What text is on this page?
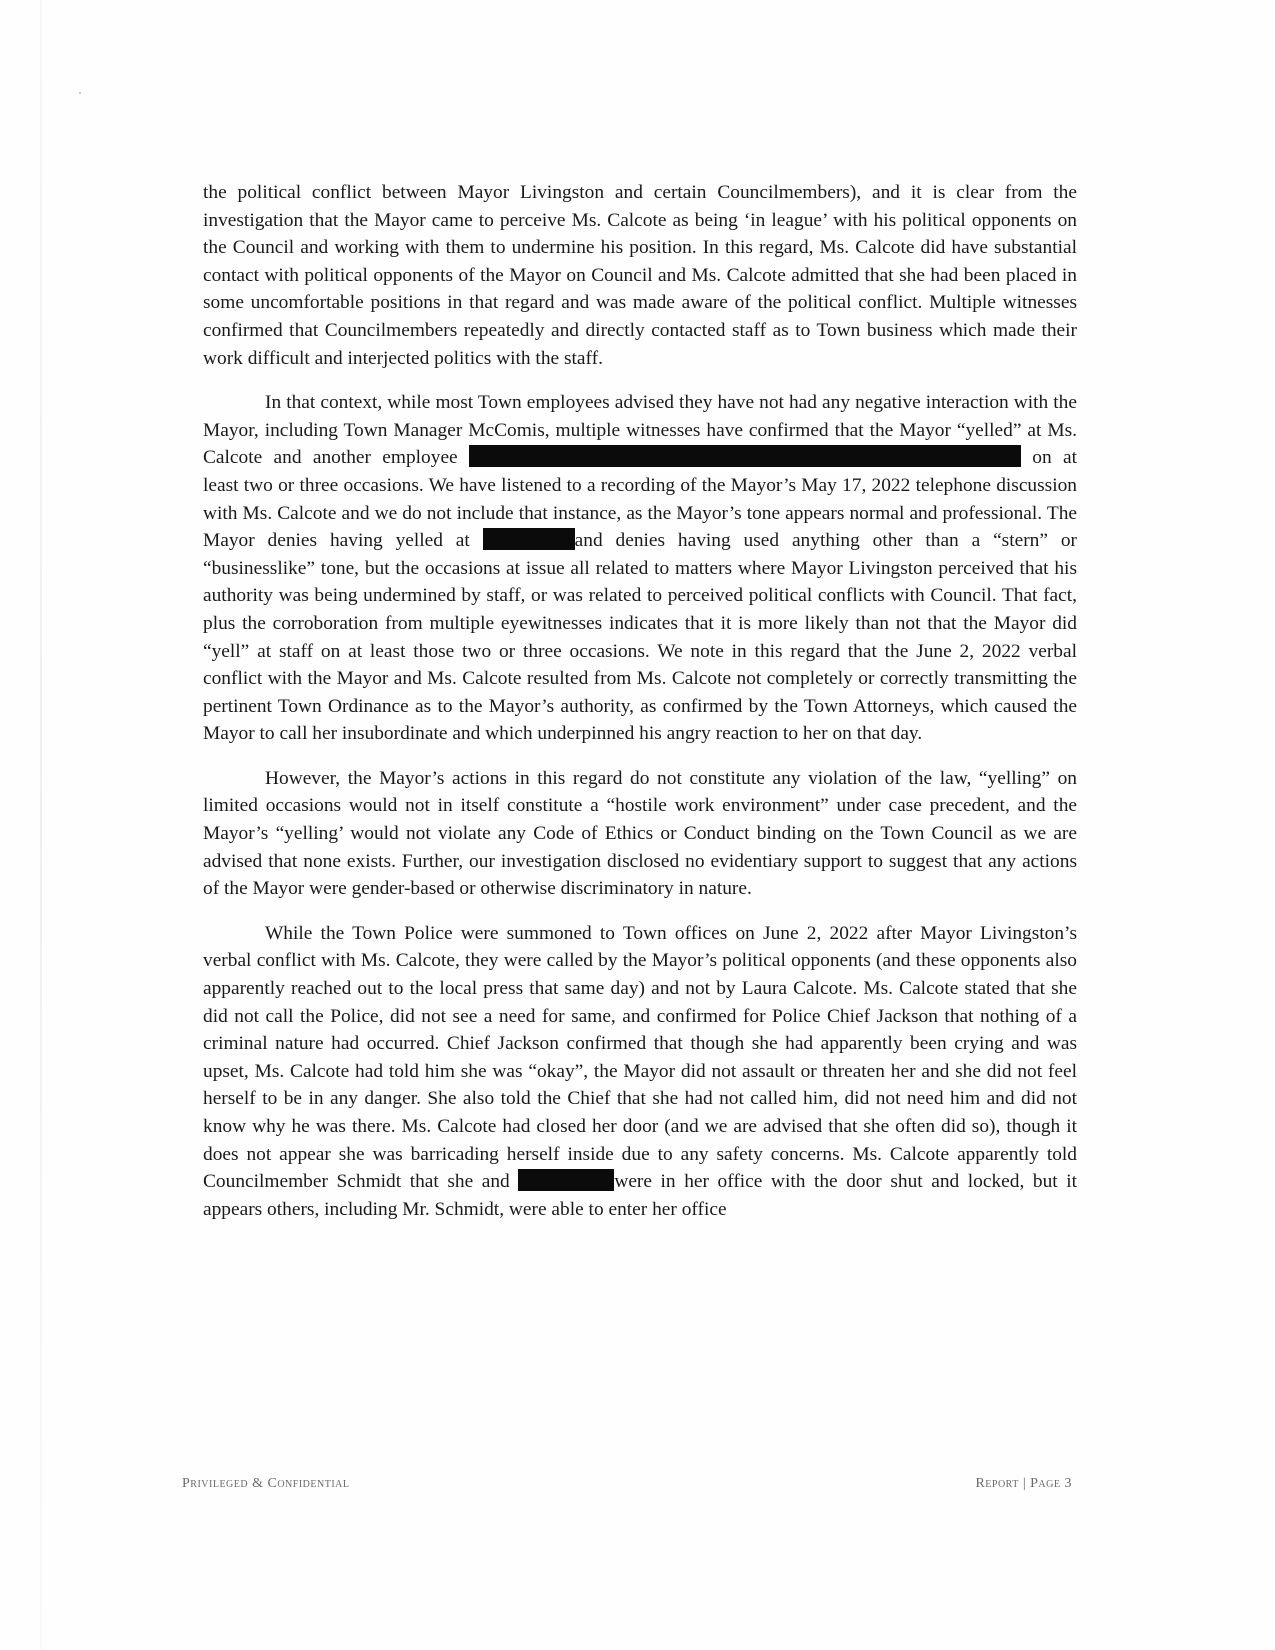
the political conflict between Mayor Livingston and certain Councilmembers), and it is clear from the investigation that the Mayor came to perceive Ms. Calcote as being ‘in league’ with his political opponents on the Council and working with them to undermine his position. In this regard, Ms. Calcote did have substantial contact with political opponents of the Mayor on Council and Ms. Calcote admitted that she had been placed in some uncomfortable positions in that regard and was made aware of the political conflict. Multiple witnesses confirmed that Councilmembers repeatedly and directly contacted staff as to Town business which made their work difficult and interjected politics with the staff.

In that context, while most Town employees advised they have not had any negative interaction with the Mayor, including Town Manager McComis, multiple witnesses have confirmed that the Mayor “yelled” at Ms. Calcote and another employee	on at least two or three occasions. We have listened to a recording of the Mayor’s May 17, 2022 telephone discussion with Ms. Calcote and we do not include that instance, as the Mayor’s tone appears normal and professional. The Mayor denies having yelled at	and denies having used anything other than a “stern” or “businesslike” tone, but the occasions at issue all related to matters where Mayor Livingston perceived that his authority was being undermined by staff, or was related to perceived political conflicts with Council. That fact, plus the corroboration from multiple eyewitnesses indicates that it is more likely than not that the Mayor did “yell” at staff on at least those two or three occasions. We note in this regard that the June 2, 2022 verbal conflict with the Mayor and Ms. Calcote resulted from Ms. Calcote not completely or correctly transmitting the pertinent Town Ordinance as to the Mayor’s authority, as confirmed by the Town Attorneys, which caused the Mayor to call her insubordinate and which underpinned his angry reaction to her on that day.

However, the Mayor’s actions in this regard do not constitute any violation of the law, “yelling” on limited occasions would not in itself constitute a “hostile work environment” under case precedent, and the Mayor’s “yelling’ would not violate any Code of Ethics or Conduct binding on the Town Council as we are advised that none exists. Further, our investigation disclosed no evidentiary support to suggest that any actions of the Mayor were gender-based or otherwise discriminatory in nature.

While the Town Police were summoned to Town offices on June 2, 2022 after Mayor Livingston’s verbal conflict with Ms. Calcote, they were called by the Mayor’s political opponents (and these opponents also apparently reached out to the local press that same day) and not by Laura Calcote. Ms. Calcote stated that she did not call the Police, did not see a need for same, and confirmed for Police Chief Jackson that nothing of a criminal nature had occurred. Chief Jackson confirmed that though she had apparently been crying and was upset, Ms. Calcote had told him she was “okay”, the Mayor did not assault or threaten her and she did not feel herself to be in any danger. She also told the Chief that she had not called him, did not need him and did not know why he was there. Ms. Calcote had closed her door (and we are advised that she often did so), though it does not appear she was barricading herself inside due to any safety concerns. Ms. Calcote apparently told Councilmember Schmidt that she and	were in her office with the door shut and locked, but it appears others, including Mr. Schmidt, were able to enter her office

Privileged & Confidential	Report | Page 3
